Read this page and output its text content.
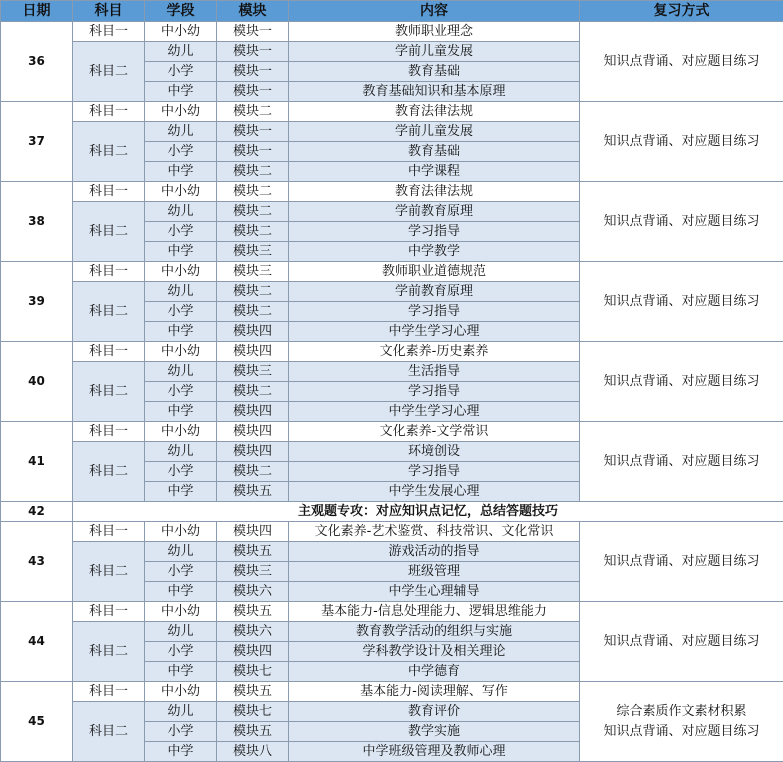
日期	科目	学段	模块	内容	复习方式
36	科目一	中小幼	模块一	教师职业理念	知识点背诵、对应题目练习

	科目二	幼儿	模块一	学前儿童发展	
		小学	模块一	教育基础	
		中学	模块一	教育基础知识和基本原理	
37	科目一	中小幼	模块二	教育法律法规	知识点背诵、对应题目练习

	科目二	幼儿	模块一	学前儿童发展	
		小学	模块一	教育基础	
		中学	模块二	中学课程	
38	科目一	中小幼	模块二	教育法律法规	知识点背诵、对应题目练习

	科目二	幼儿	模块二	学前教育原理	
		小学	模块二	学习指导	
		中学	模块三	中学教学	
39	科目一	中小幼	模块三	教师职业道德规范	知识点背诵、对应题目练习

	科目二	幼儿	模块二	学前教育原理	
		小学	模块二	学习指导	
		中学	模块四	中学生学习心理	
40	科目一	中小幼	模块四	文化素养-历史素养	知识点背诵、对应题目练习

	科目二	幼儿	模块三	生活指导	
		小学	模块二	学习指导	
		中学	模块四	中学生学习心理	
41	科目一	中小幼	模块四	文化素养-文学常识	知识点背诵、对应题目练习

	科目二	幼儿	模块四	环境创设	
		小学	模块二	学习指导	
		中学	模块五	中学生发展心理	
42	主观题专攻：对应知识点记忆，总结答题技巧				
43	科目一	中小幼	模块四	文化素养-艺术鉴赏、科技常识、文化常识	知识点背诵、对应题目练习

	科目二	幼儿	模块五	游戏活动的指导	
		小学	模块三	班级管理	
		中学	模块六	中学生心理辅导	
44	科目一	中小幼	模块五	基本能力-信息处理能力、逻辑思维能力	知识点背诵、对应题目练习

	科目二	幼儿	模块六	教育教学活动的组织与实施	
		小学	模块四	学科教学设计及相关理论	
		中学	模块七	中学德育	
45	科目一	中小幼	模块五	基本能力-阅读理解、写作	综合素质作文素材积累
知识点背诵、对应题目练习

	科目二	幼儿	模块七	教育评价	
		小学	模块五	教学实施	
		中学	模块八	中学班级管理及教师心理	
